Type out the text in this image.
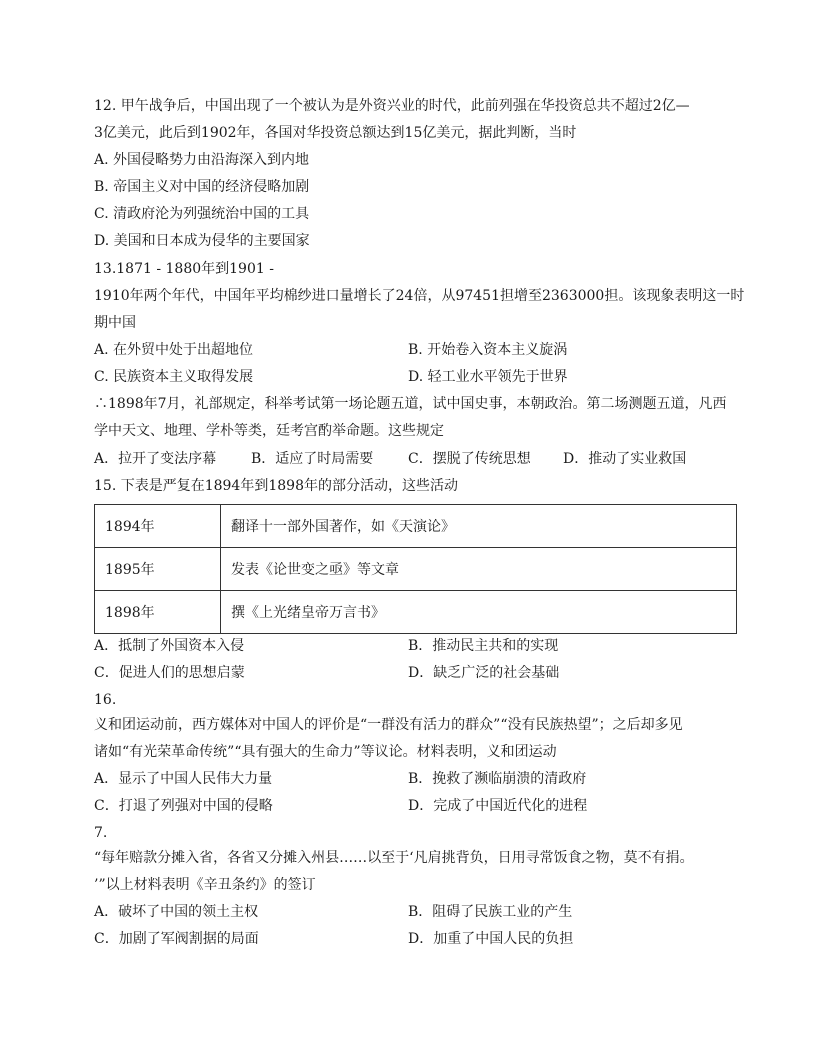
12. 甲午战争后，中国出现了一个被认为是外资兴业的时代，此前列强在华投资总共不超过2亿—
3亿美元，此后到1902年，各国对华投资总额达到15亿美元，据此判断，当时
A. 外国侵略势力由沿海深入到内地
B. 帝国主义对中国的经济侵略加剧
C. 清政府沦为列强统治中国的工具
D. 美国和日本成为侵华的主要国家
13.1871 - 1880年到1901 -
1910年两个年代，中国年平均棉纱进口量增长了24倍，从97451担增至2363000担。该现象表明这一时
期中国
A. 在外贸中处于出超地位	B. 开始卷入资本主义旋涡
C. 民族资本主义取得发展	D. 轻工业水平领先于世界
∴1898年7月，礼部规定，科举考试第一场论题五道，试中国史事，本朝政治。第二场测题五道，凡西
学中天文、地理、学朴等类，廷考宫酌举命题。这些规定
A．拉开了变法序幕 B．适应了时局需要 C．摆脱了传统思想 D．推动了实业救国
15. 下表是严复在1894年到1898年的部分活动，这些活动
1894年	翻译十一部外国著作，如《天演论》
1895年	发表《论世变之亟》等文章
1898年	撰《上光绪皇帝万言书》
A．抵制了外国资本入侵	B．推动民主共和的实现
C．促进人们的思想启蒙	D．缺乏广泛的社会基础
16.
义和团运动前，西方媒体对中国人的评价是“一群没有活力的群众”“没有民族热望”；之后却多见
诸如“有光荣革命传统”“具有强大的生命力”等议论。材料表明，义和团运动
A．显示了中国人民伟大力量	B．挽救了濒临崩溃的清政府
C．打退了列强对中国的侵略	D．完成了中国近代化的进程
7.
“每年赔款分摊入省，各省又分摊入州县……以至于‘凡肩挑背负，日用寻常饭食之物，莫不有捐。
’”以上材料表明《辛丑条约》的签订
A．破坏了中国的领土主权	B．阻碍了民族工业的产生
C．加剧了军阀割据的局面	D．加重了中国人民的负担
